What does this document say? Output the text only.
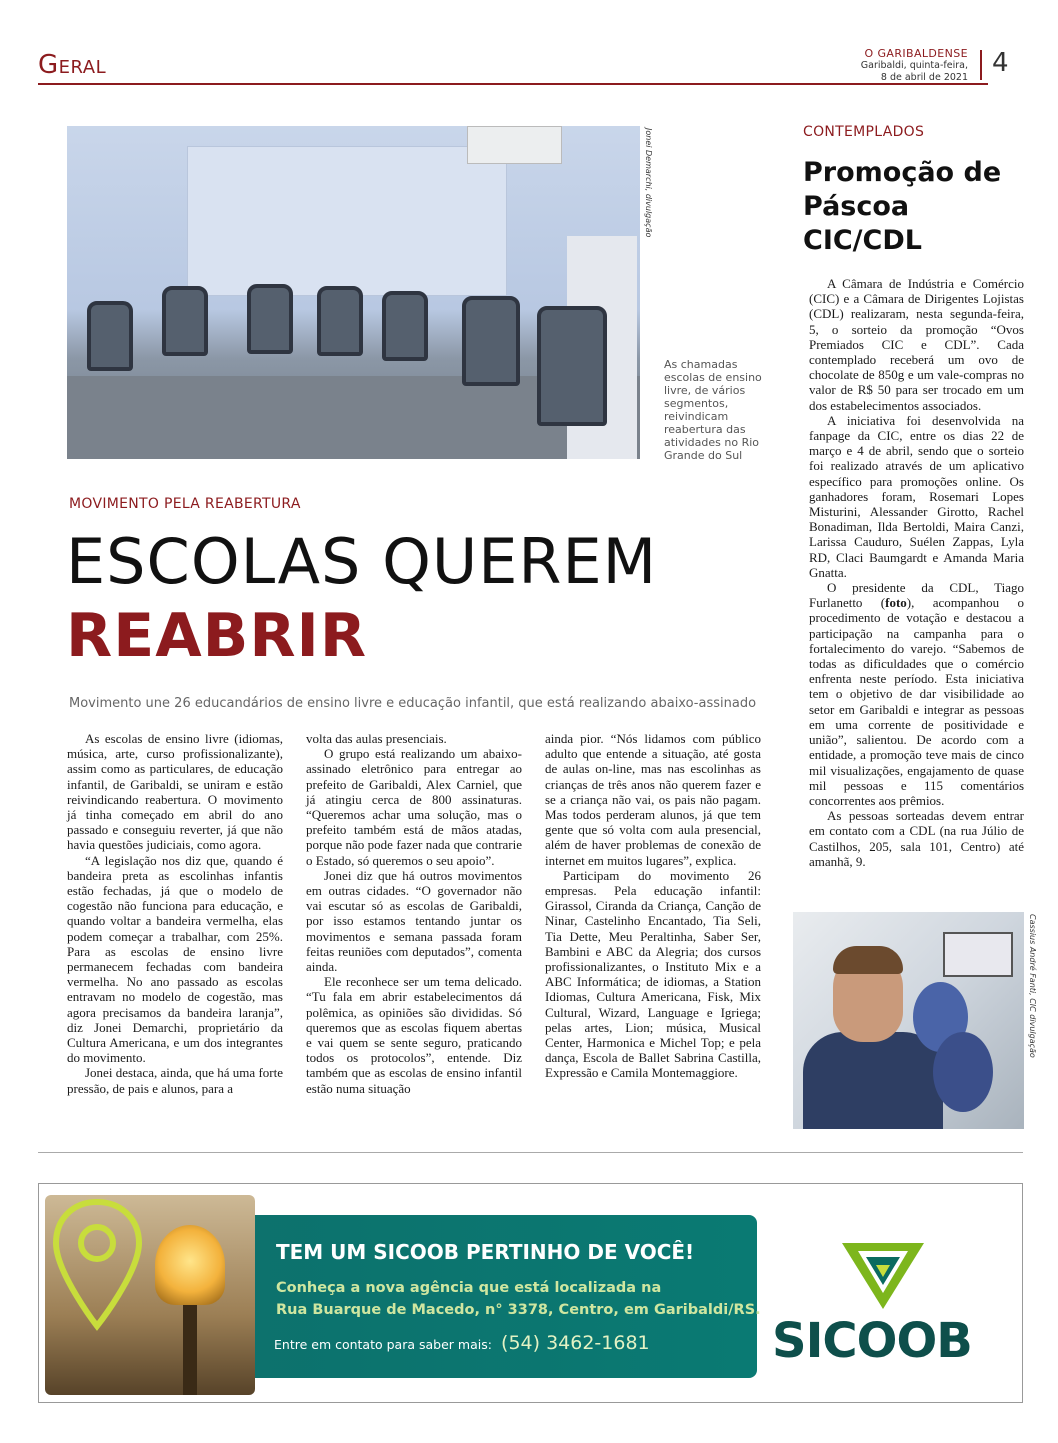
Geral	O GARIBALDENSE
Garibaldi, quinta-feira,
8 de abril de 2021 4
Jonei Demarchi, divulgação
As chamadas escolas de ensino livre, de vários segmentos, reivindicam reabertura das atividades no Rio Grande do Sul
MOVIMENTO PELA REABERTURA
ESCOLAS QUEREM
REABRIR
Movimento une 26 educandários de ensino livre e educação infantil, que está realizando abaixo-assinado

As escolas de ensino livre (idiomas, música, arte, curso profissionalizante), assim como as particulares, de educação infantil, de Garibaldi, se uniram e estão reivindicando reabertura. O movimento já tinha começado em abril do ano passado e conseguiu reverter, já que não havia questões judiciais, como agora.

“A legislação nos diz que, quando é bandeira preta as escolinhas infantis estão fechadas, já que o modelo de cogestão não funciona para educação, e quando voltar a bandeira vermelha, elas podem começar a trabalhar, com 25%. Para as escolas de ensino livre permanecem fechadas com bandeira vermelha. No ano passado as escolas entravam no modelo de cogestão, mas agora precisamos da bandeira laranja”, diz Jonei Demarchi, proprietário da Cultura Americana, e um dos integrantes do movimento.

Jonei destaca, ainda, que há uma forte pressão, de pais e alunos, para a

volta das aulas presenciais.

O grupo está realizando um abaixo-assinado eletrônico para entregar ao prefeito de Garibaldi, Alex Carniel, que já atingiu cerca de 800 assinaturas. “Queremos achar uma solução, mas o prefeito também está de mãos atadas, porque não pode fazer nada que contrarie o Estado, só queremos o seu apoio”.

Jonei diz que há outros movimentos em outras cidades. “O governador não vai escutar só as escolas de Garibaldi, por isso estamos tentando juntar os movimentos e semana passada foram feitas reuniões com deputados”, comenta ainda.

Ele reconhece ser um tema delicado. “Tu fala em abrir estabelecimentos dá polêmica, as opiniões são divididas. Só queremos que as escolas fiquem abertas e vai quem se sente seguro, praticando todos os protocolos”, entende. Diz também que as escolas de ensino infantil estão numa situação

ainda pior. “Nós lidamos com público adulto que entende a situação, até gosta de aulas on-line, mas nas escolinhas as crianças de três anos não querem fazer e se a criança não vai, os pais não pagam. Mas todos perderam alunos, já que tem gente que só volta com aula presencial, além de haver problemas de conexão de internet em muitos lugares”, explica.

Participam do movimento 26 empresas. Pela educação infantil: Girassol, Ciranda da Criança, Canção de Ninar, Castelinho Encantado, Tia Seli, Tia Dette, Meu Peraltinha, Saber Ser, Bambini e ABC da Alegria; dos cursos profissionalizantes, o Instituto Mix e a ABC Informática; de idiomas, a Station Idiomas, Cultura Americana, Fisk, Mix Cultural, Wizard, Language e Igriega; pelas artes, Lion; música, Musical Center, Harmonica e Michel Top; e pela dança, Escola de Ballet Sabrina Castilla, Expressão e Camila Montemaggiore.

CONTEMPLADOS
Promoção de Páscoa CIC/CDL

A Câmara de Indústria e Comércio (CIC) e a Câmara de Dirigentes Lojistas (CDL) realizaram, nesta segunda-feira, 5, o sorteio da promoção “Ovos Premiados CIC e CDL”. Cada contemplado receberá um ovo de chocolate de 850g e um vale-compras no valor de R$ 50 para ser trocado em um dos estabelecimentos associados.

A iniciativa foi desenvolvida na fanpage da CIC, entre os dias 22 de março e 4 de abril, sendo que o sorteio foi realizado através de um aplicativo específico para promoções online. Os ganhadores foram, Rosemari Lopes Misturini, Alessander Girotto, Rachel Bonadiman, Ilda Bertoldi, Maira Canzi, Larissa Cauduro, Suélen Zappas, Lyla RD, Claci Baumgardt e Amanda Maria Gnatta.

O presidente da CDL, Tiago Furlanetto (foto), acompanhou o procedimento de votação e destacou a participação na campanha para o fortalecimento do varejo. “Sabemos de todas as dificuldades que o comércio enfrenta neste período. Esta iniciativa tem o objetivo de dar visibilidade ao setor em Garibaldi e integrar as pessoas em uma corrente de positividade e união”, salientou. De acordo com a entidade, a promoção teve mais de cinco mil visualizações, engajamento de quase mil pessoas e 115 comentários concorrentes aos prêmios.

As pessoas sorteadas devem entrar em contato com a CDL (na rua Júlio de Castilhos, 205, sala 101, Centro) até amanhã, 9.

Cassius André Fanti, CIC divulgação
TEM UM SICOOB PERTINHO DE VOCÊ!
Conheça a nova agência que está localizada na
Rua Buarque de Macedo, n° 3378, Centro, em Garibaldi/RS.
Entre em contato para saber mais: (54) 3462-1681	SICOOB
